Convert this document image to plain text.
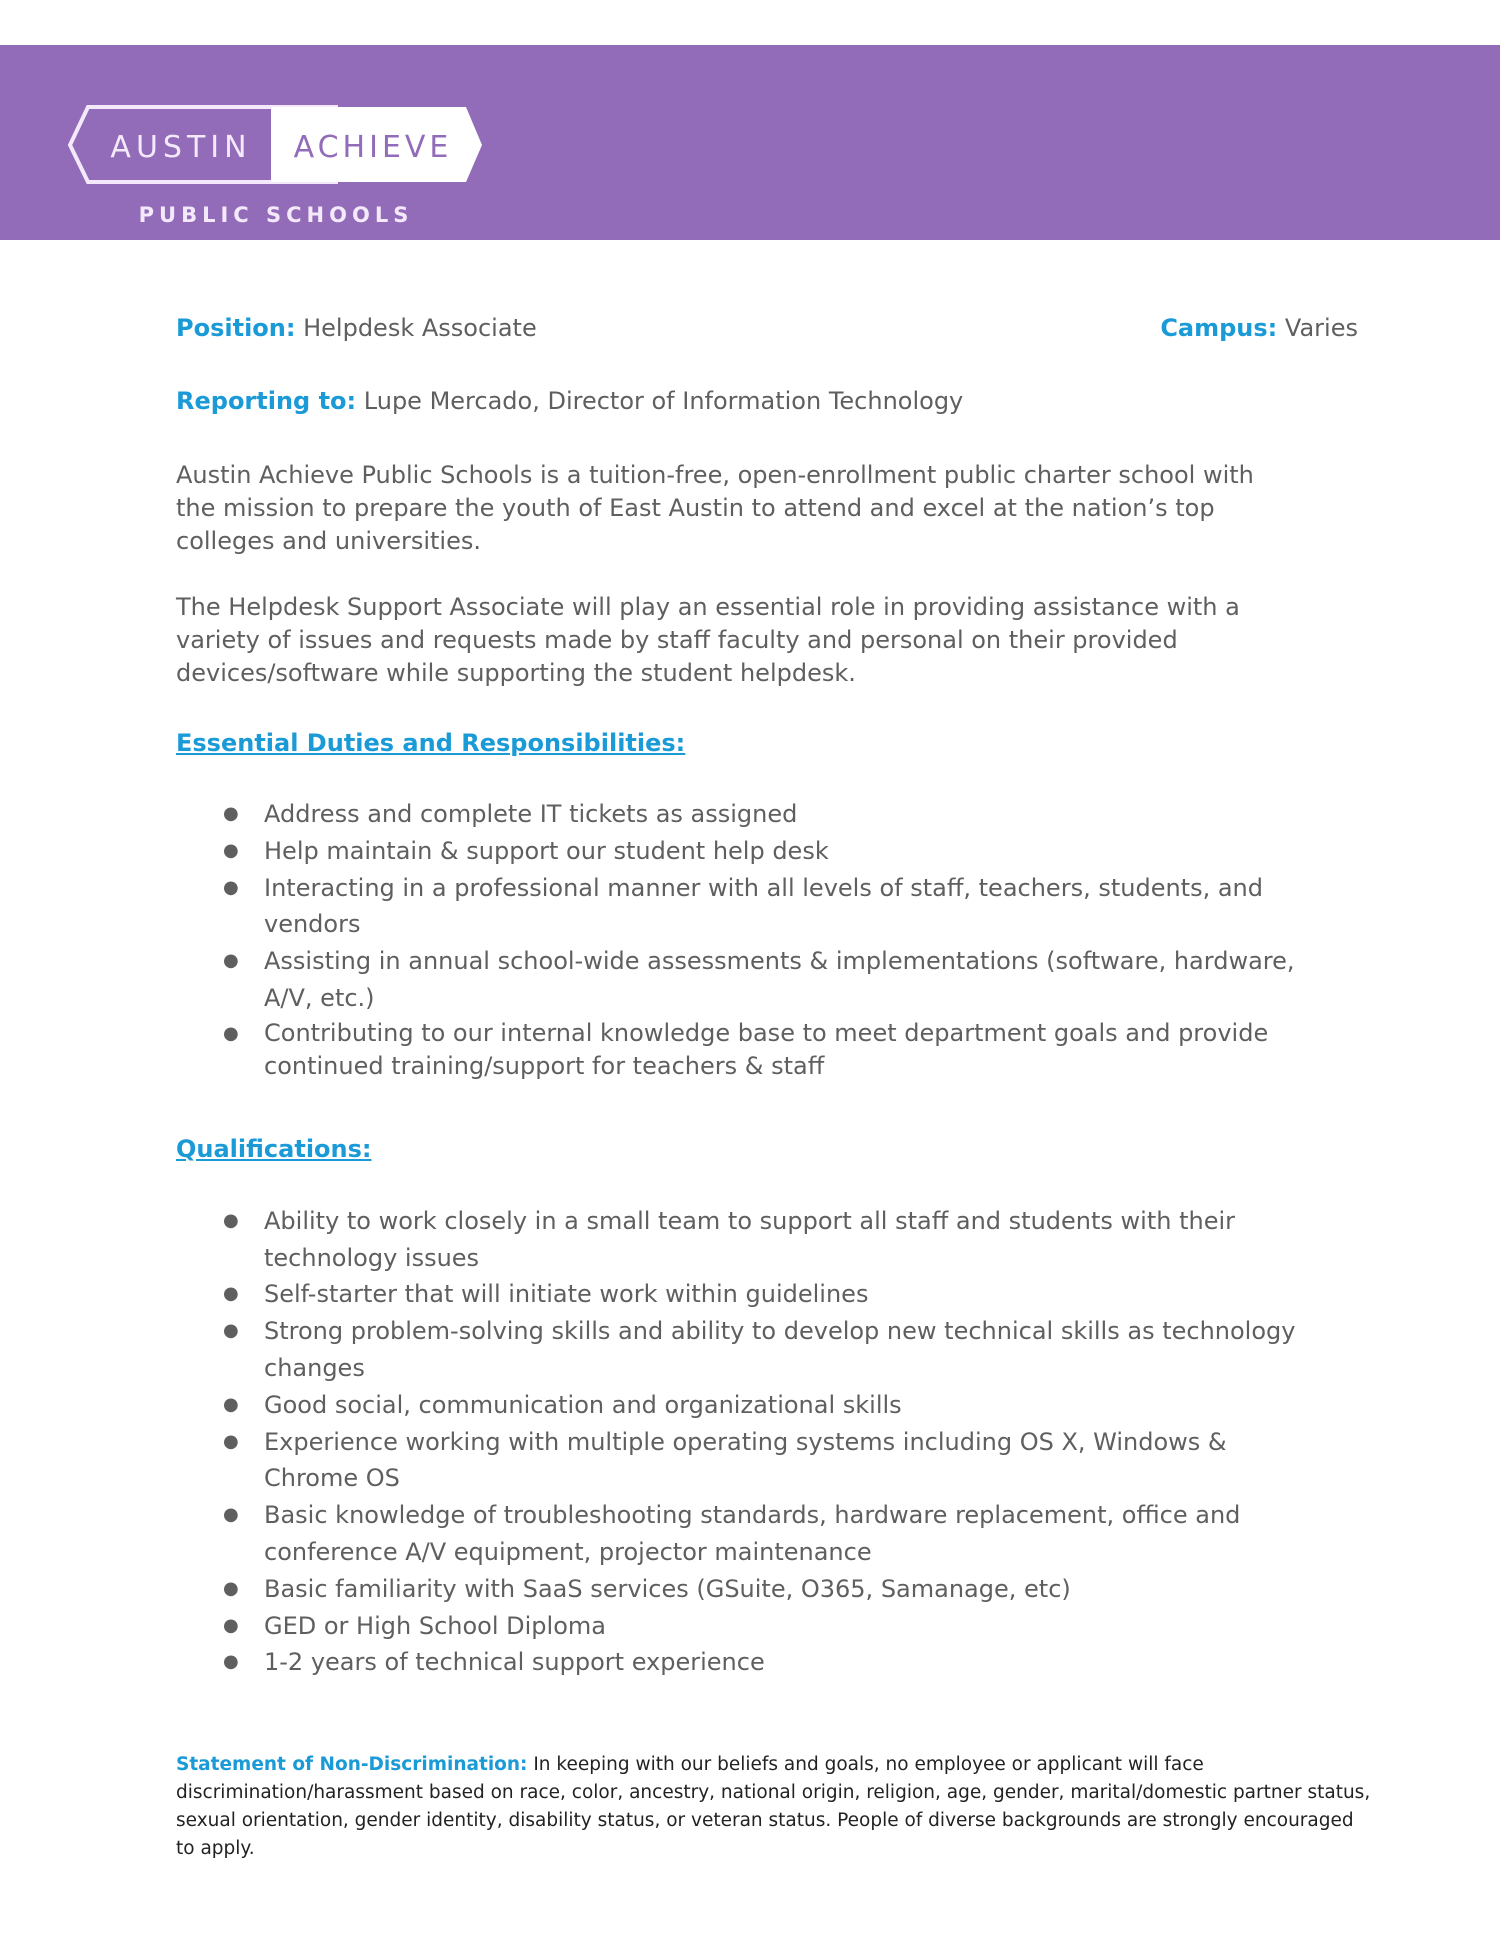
AUSTIN ACHIEVE
PUBLIC SCHOOLS
Position: Helpdesk Associate	Campus: Varies
Reporting to: Lupe Mercado, Director of Information Technology

Austin Achieve Public Schools is a tuition-free, open-enrollment public charter school with the mission to prepare the youth of East Austin to attend and excel at the nation’s top colleges and universities.

The Helpdesk Support Associate will play an essential role in providing assistance with a variety of issues and requests made by staff faculty and personal on their provided devices/software while supporting the student helpdesk.

Essential Duties and Responsibilities:

● Address and complete IT tickets as assigned
● Help maintain & support our student help desk
● Interacting in a professional manner with all levels of staff, teachers, students, and vendors
● Assisting in annual school-wide assessments & implementations (software, hardware, A/V, etc.)
● Contributing to our internal knowledge base to meet department goals and provide continued training/support for teachers & staff

Qualifications:

● Ability to work closely in a small team to support all staff and students with their technology issues
● Self-starter that will initiate work within guidelines
● Strong problem-solving skills and ability to develop new technical skills as technology changes
● Good social, communication and organizational skills
● Experience working with multiple operating systems including OS X, Windows & Chrome OS
● Basic knowledge of troubleshooting standards, hardware replacement, office and conference A/V equipment, projector maintenance
● Basic familiarity with SaaS services (GSuite, O365, Samanage, etc)
● GED or High School Diploma
● 1-2 years of technical support experience
Statement of Non-Discrimination: In keeping with our beliefs and goals, no employee or applicant will face discrimination/harassment based on race, color, ancestry, national origin, religion, age, gender, marital/domestic partner status, sexual orientation, gender identity, disability status, or veteran status. People of diverse backgrounds are strongly encouraged to apply.
